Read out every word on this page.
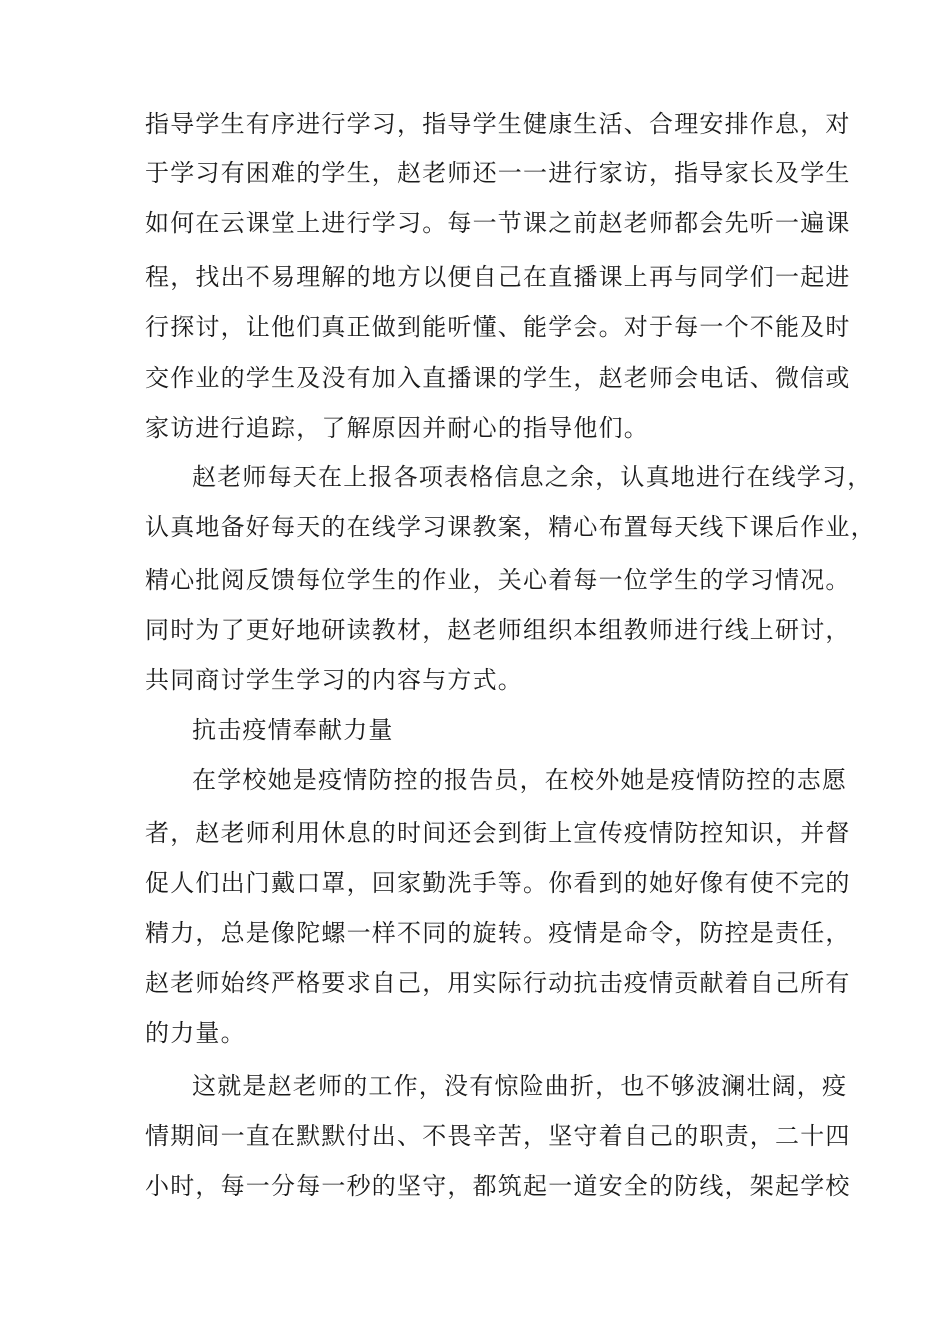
指导学生有序进行学习，指导学生健康生活、合理安排作息，对
于学习有困难的学生，赵老师还一一进行家访，指导家长及学生
如何在云课堂上进行学习。每一节课之前赵老师都会先听一遍课
程，找出不易理解的地方以便自己在直播课上再与同学们一起进
行探讨，让他们真正做到能听懂、能学会。对于每一个不能及时
交作业的学生及没有加入直播课的学生，赵老师会电话、微信或
家访进行追踪，了解原因并耐心的指导他们。
赵老师每天在上报各项表格信息之余，认真地进行在线学习，
认真地备好每天的在线学习课教案，精心布置每天线下课后作业，
精心批阅反馈每位学生的作业，关心着每一位学生的学习情况。
同时为了更好地研读教材，赵老师组织本组教师进行线上研讨，
共同商讨学生学习的内容与方式。
抗击疫情奉献力量
在学校她是疫情防控的报告员，在校外她是疫情防控的志愿
者，赵老师利用休息的时间还会到街上宣传疫情防控知识，并督
促人们出门戴口罩，回家勤洗手等。你看到的她好像有使不完的
精力，总是像陀螺一样不同的旋转。疫情是命令，防控是责任，
赵老师始终严格要求自己，用实际行动抗击疫情贡献着自己所有
的力量。
这就是赵老师的工作，没有惊险曲折，也不够波澜壮阔，疫
情期间一直在默默付出、不畏辛苦，坚守着自己的职责，二十四
小时，每一分每一秒的坚守，都筑起一道安全的防线，架起学校
